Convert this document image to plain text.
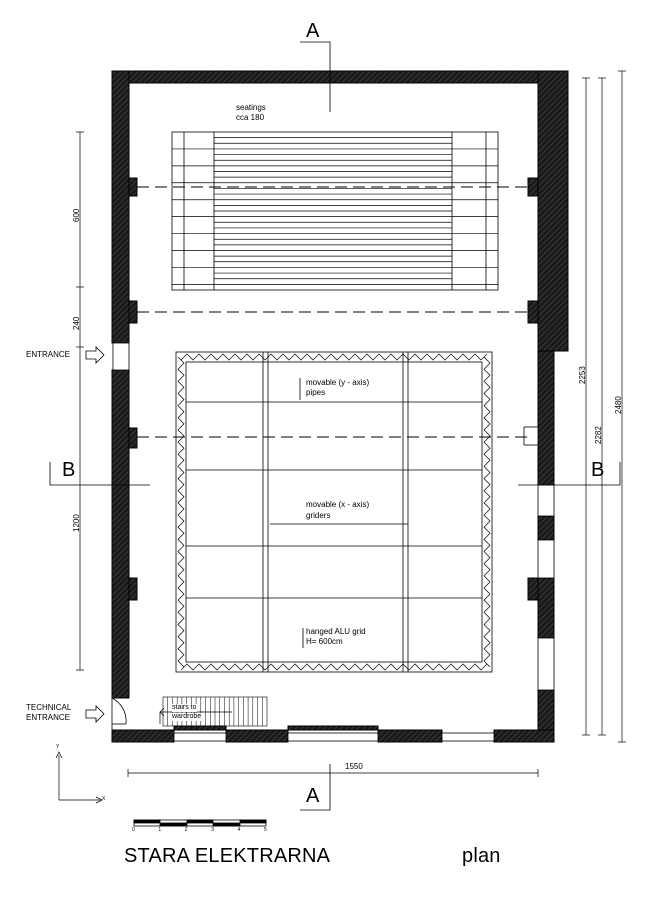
A
A
B	B
seatings
cca 180
movable (y - axis)
pipes
movable (x - axis)
griders
hanged ALU grid
H= 600cm
ENTRANCE
TECHNICAL
ENTRANCE
stairs to
wardrobe
600
240
1200
1550
2253
2282
2480
Y
X
0	1	2	3	4	5
STARA ELEKTRARNA	plan
